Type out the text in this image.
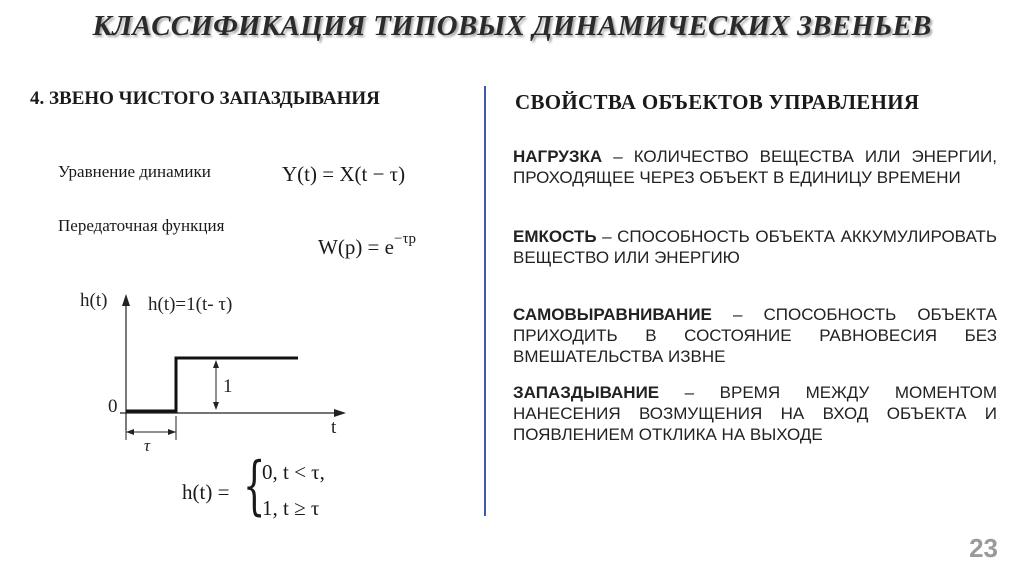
КЛАССИФИКАЦИЯ ТИПОВЫХ ДИНАМИЧЕСКИХ ЗВЕНЬЕВ
4. ЗВЕНО ЧИСТОГО ЗАПАЗДЫВАНИЯ
Уравнение динамики	Y(t) = X(t − τ)
Передаточная функция
$W(p) = e^{-\tau p}$
h(t) h(t)=1(t- τ)
0
1
t
τ
h(t) = {
0, t < τ,
1, t ≥ τ
СВОЙСТВА ОБЪЕКТОВ УПРАВЛЕНИЯ
НАГРУЗКА – КОЛИЧЕСТВО ВЕЩЕСТВА ИЛИ ЭНЕРГИИ, ПРОХОДЯЩЕЕ ЧЕРЕЗ ОБЪЕКТ В ЕДИНИЦУ ВРЕМЕНИ
ЕМКОСТЬ – СПОСОБНОСТЬ ОБЪЕКТА АККУМУЛИРОВАТЬ ВЕЩЕСТВО ИЛИ ЭНЕРГИЮ
САМОВЫРАВНИВАНИЕ – СПОСОБНОСТЬ ОБЪЕКТА ПРИХОДИТЬ В СОСТОЯНИЕ РАВНОВЕСИЯ БЕЗ ВМЕШАТЕЛЬСТВА ИЗВНЕ
ЗАПАЗДЫВАНИЕ – ВРЕМЯ МЕЖДУ МОМЕНТОМ НАНЕСЕНИЯ ВОЗМУЩЕНИЯ НА ВХОД ОБЪЕКТА И ПОЯВЛЕНИЕМ ОТКЛИКА НА ВЫХОДЕ
23
